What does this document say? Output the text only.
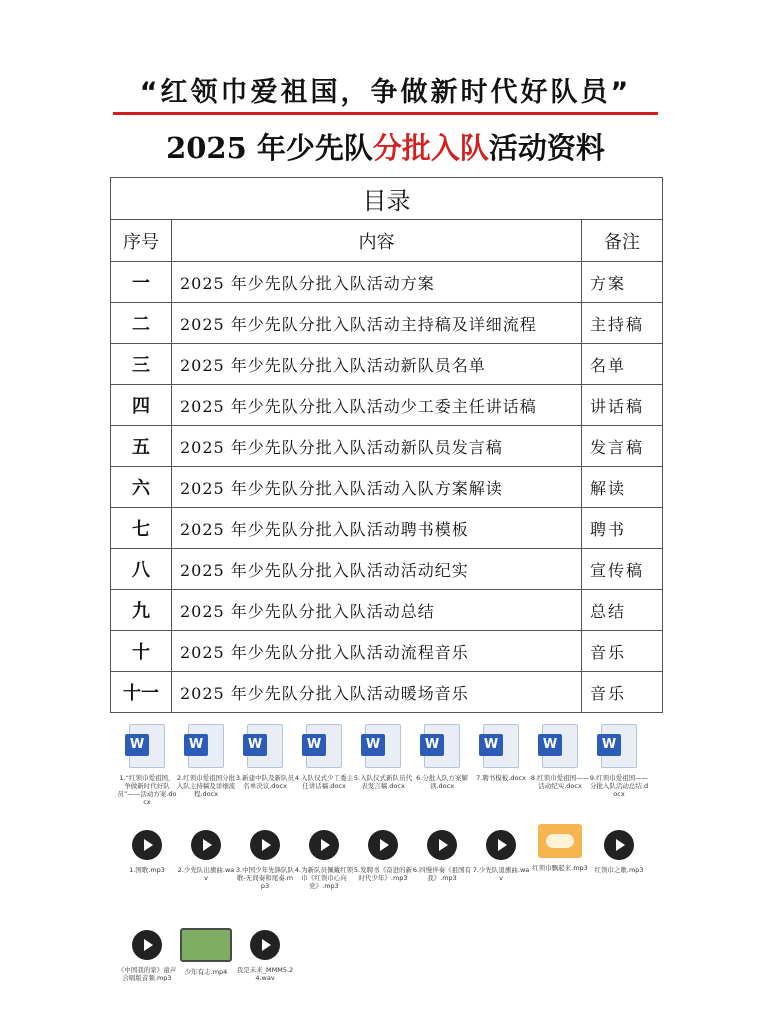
“红领巾爱祖国，争做新时代好队员”
2025 年少先队分批入队活动资料
目录		
序号	内容	备注
一	2025 年少先队分批入队活动方案	方案
二	2025 年少先队分批入队活动主持稿及详细流程	主持稿
三	2025 年少先队分批入队活动新队员名单	名单
四	2025 年少先队分批入队活动少工委主任讲话稿	讲话稿
五	2025 年少先队分批入队活动新队员发言稿	发言稿
六	2025 年少先队分批入队活动入队方案解读	解读
七	2025 年少先队分批入队活动聘书模板	聘书
八	2025 年少先队分批入队活动活动纪实	宣传稿
九	2025 年少先队分批入队活动总结	总结
十	2025 年少先队分批入队活动流程音乐	音乐
十一	2025 年少先队分批入队活动暖场音乐	音乐
W
1.“红领巾爱祖国，争做新时代好队员”——活动方案.docx
W
2.红领巾爱祖国分批入队主持稿及详细流程.docx
W
3.新建中队及新队员名单决议.docx
W
4.入队仪式少工委主任讲话稿.docx
W
5.入队仪式新队员代表发言稿.docx
W
6.分批入队方案解读.docx
W
7.聘书模板.docx
W
8.红领巾爱祖国——活动纪实.docx
W
9.红领巾爱祖国——分批入队活动总结.docx
1.国歌.mp3	2.少先队出旗曲.wav
3.中国少年先锋队队歌-无间奏和尾奏.mp3
4.为新队员佩戴红领巾《红领巾心向党》.mp3
5.发聘书《奋进的新时代少年》.mp3
6.四慢伴奏《祖国有我》.mp3
7.少先队退旗曲.wav
红领巾飘起来.mp3	红领巾之歌.mp3
《中国我的家》童声合唱版音频.mp3
少年有志.mp4	我是未来_MMM5.24.wav
